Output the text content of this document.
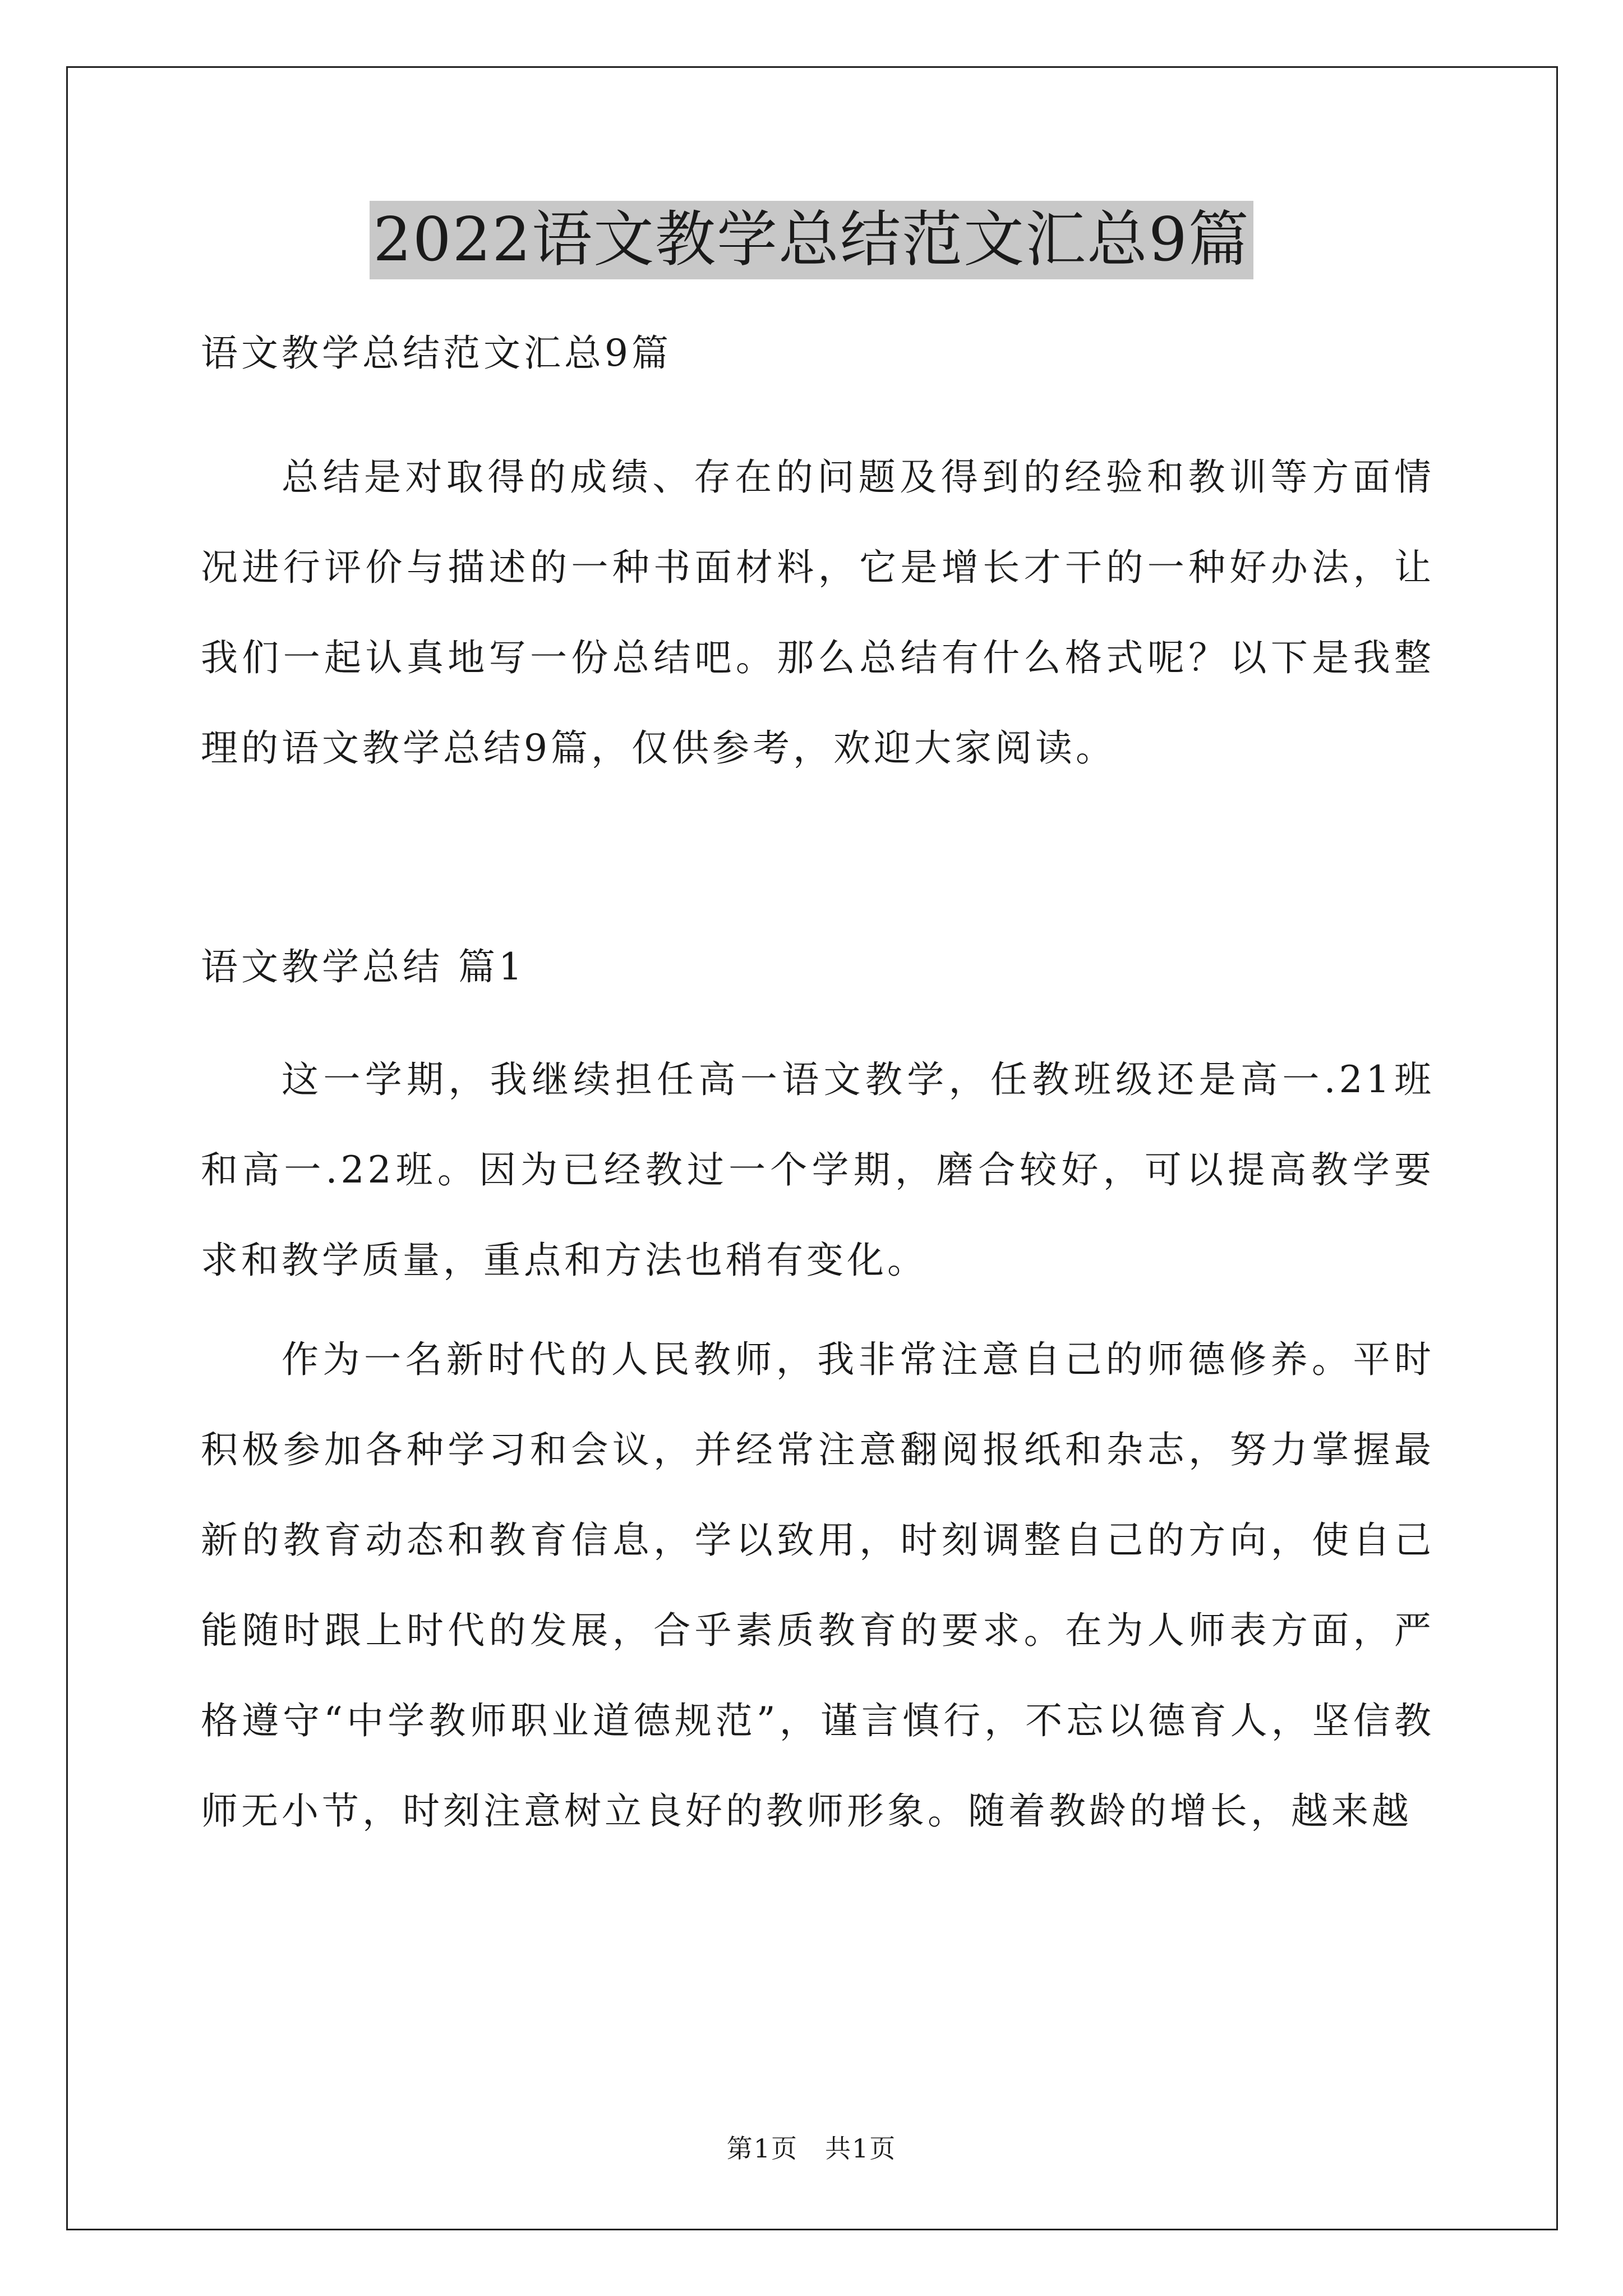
2022语文教学总结范文汇总9篇

语文教学总结范文汇总9篇

总结是对取得的成绩、存在的问题及得到的经验和教训等方面情况进行评价与描述的一种书面材料，它是增长才干的一种好办法，让我们一起认真地写一份总结吧。那么总结有什么格式呢？以下是我整理的语文教学总结9篇，仅供参考，欢迎大家阅读。

语文教学总结 篇1

这一学期，我继续担任高一语文教学，任教班级还是高一.21班和高一.22班。因为已经教过一个学期，磨合较好，可以提高教学要求和教学质量，重点和方法也稍有变化。

作为一名新时代的人民教师，我非常注意自己的师德修养。平时积极参加各种学习和会议，并经常注意翻阅报纸和杂志，努力掌握最新的教育动态和教育信息，学以致用，时刻调整自己的方向，使自己能随时跟上时代的发展，合乎素质教育的要求。在为人师表方面，严格遵守“中学教师职业道德规范”，谨言慎行，不忘以德育人，坚信教师无小节，时刻注意树立良好的教师形象。随着教龄的增长，越来越

第1页　共1页
